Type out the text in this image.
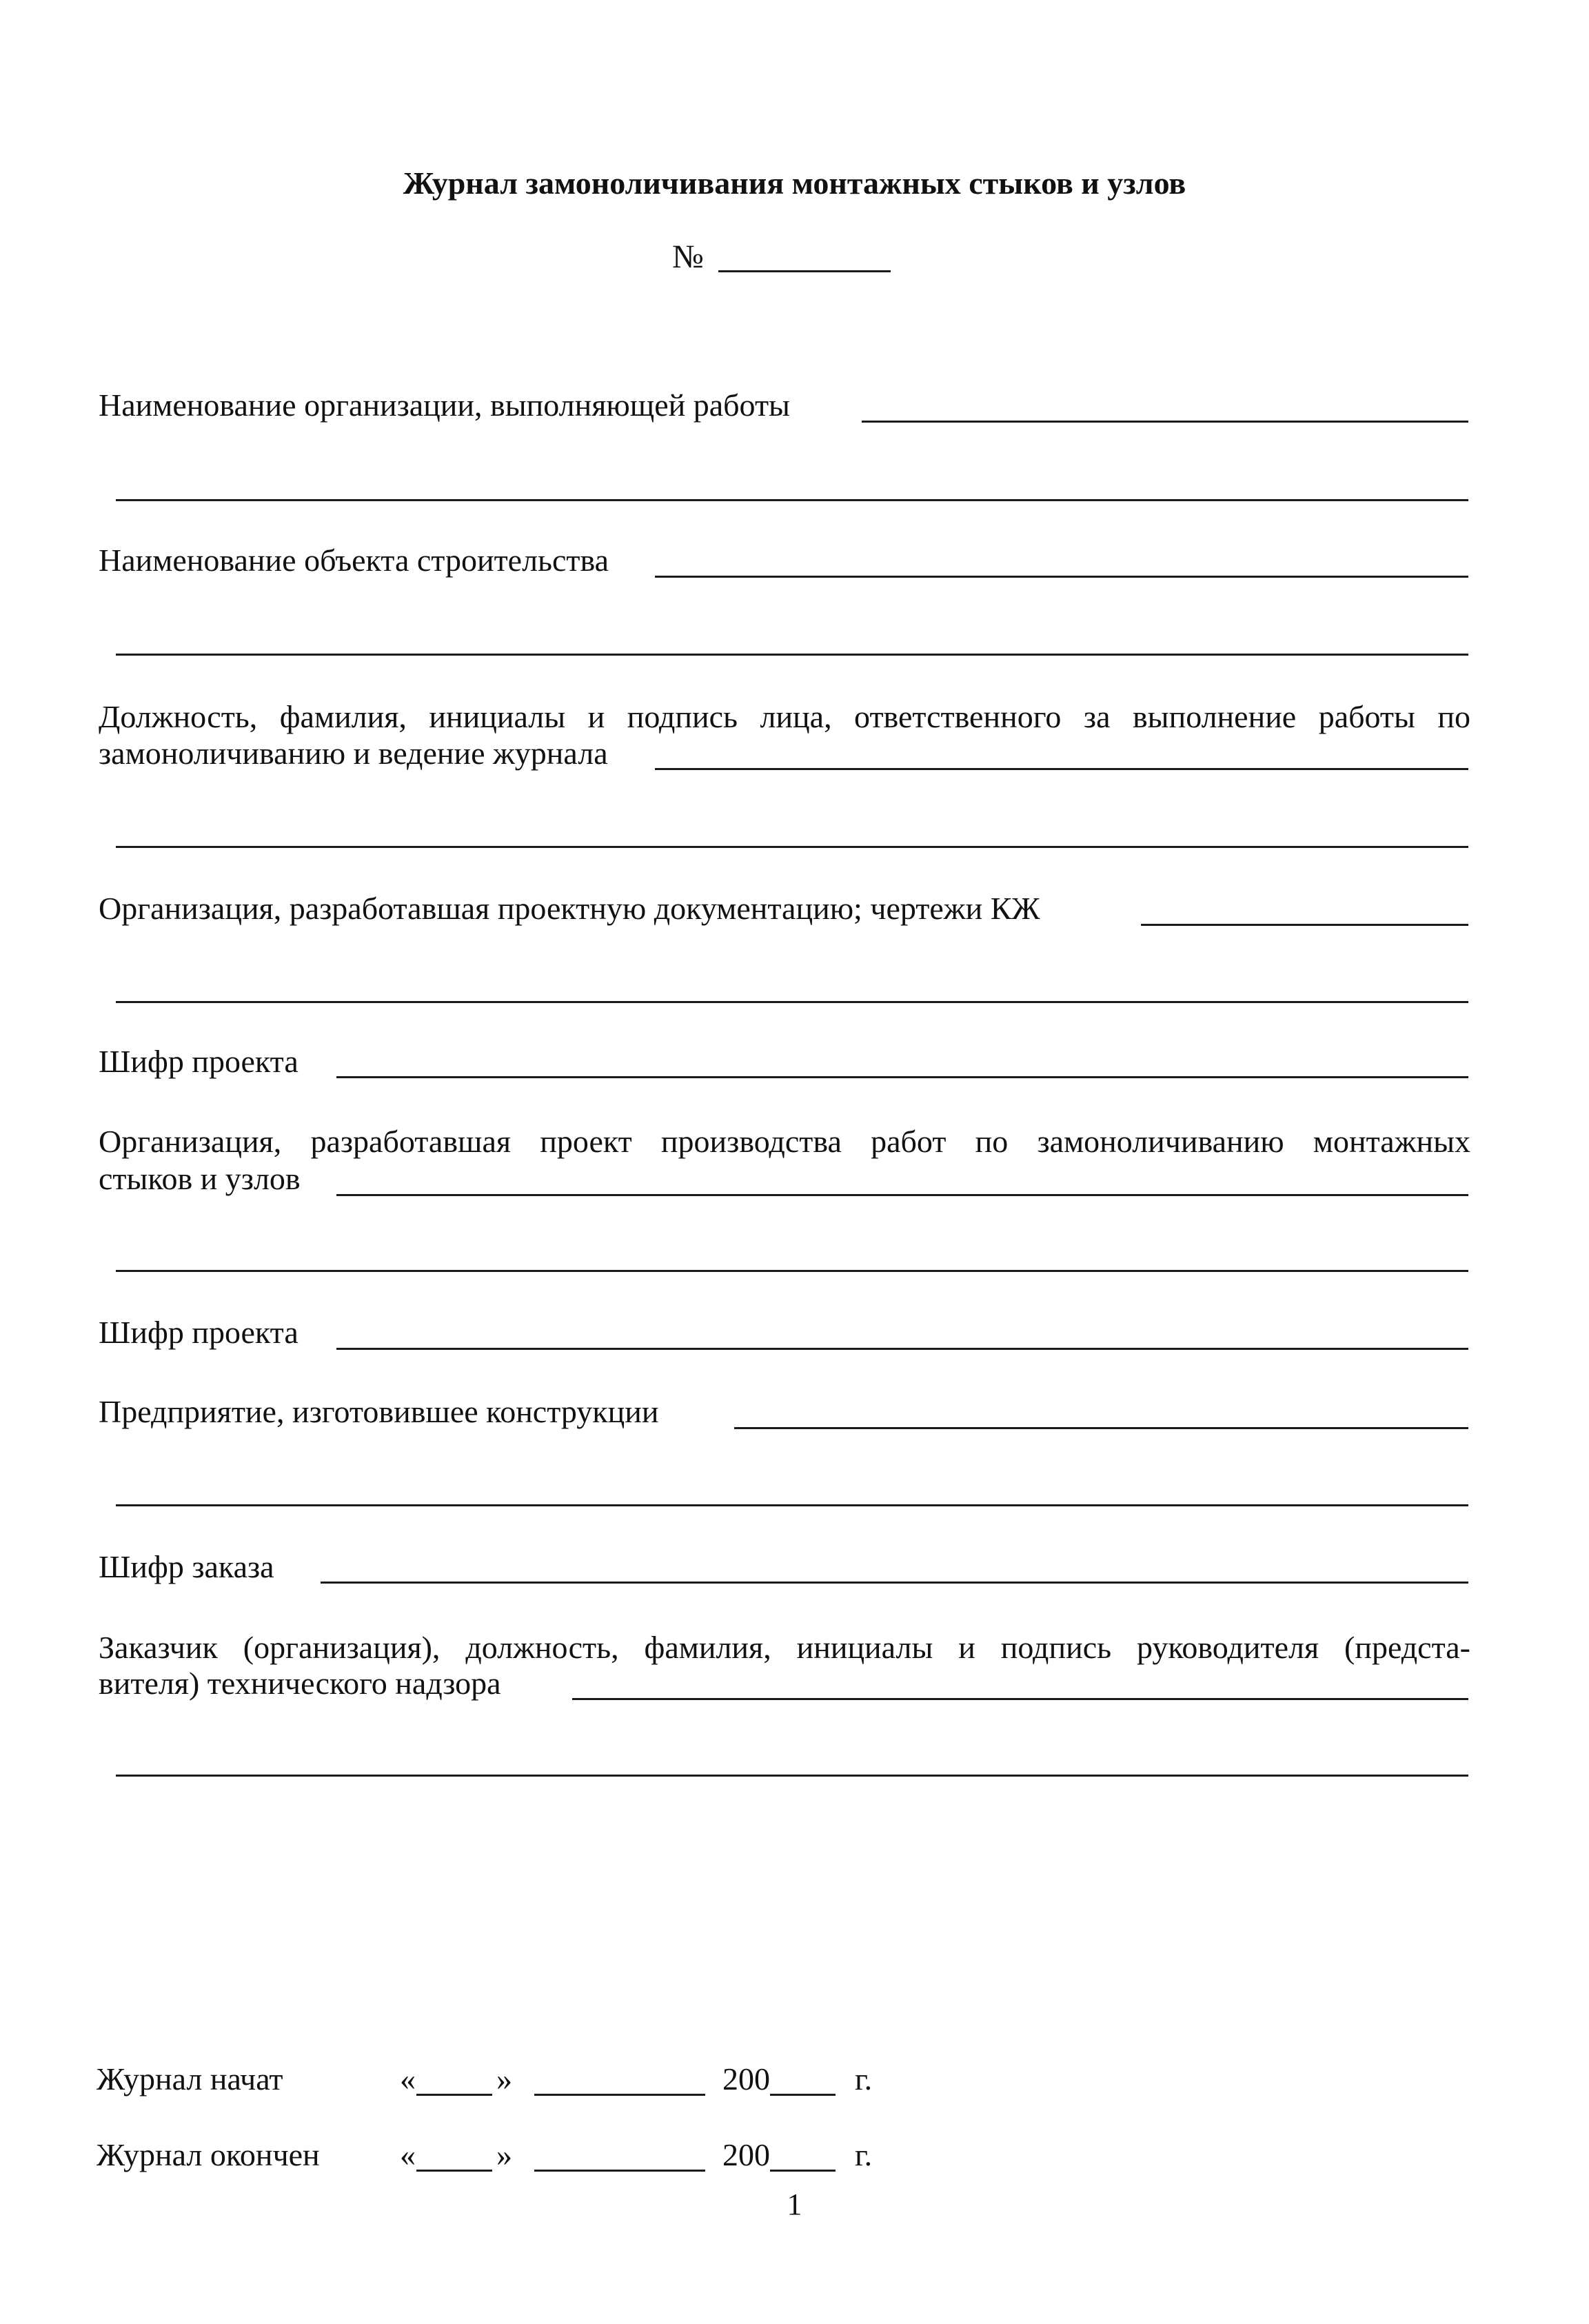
Журнал замоноличивания монтажных стыков и узлов
№
Наименование организации, выполняющей работы
Наименование объекта строительства
Должность, фамилия, инициалы и подпись лица, ответственного за выполнение работы по
замоноличиванию и ведение журнала
Организация, разработавшая проектную документацию; чертежи КЖ
Шифр проекта
Организация, разработавшая проект производства работ по замоноличиванию монтажных
стыков и узлов
Шифр проекта
Предприятие, изготовившее конструкции
Шифр заказа
Заказчик (организация), должность, фамилия, инициалы и подпись руководителя (предста-
вителя) технического надзора
Журнал начат	«	»	200	г.
Журнал окончен	«	»	200	г.
1
